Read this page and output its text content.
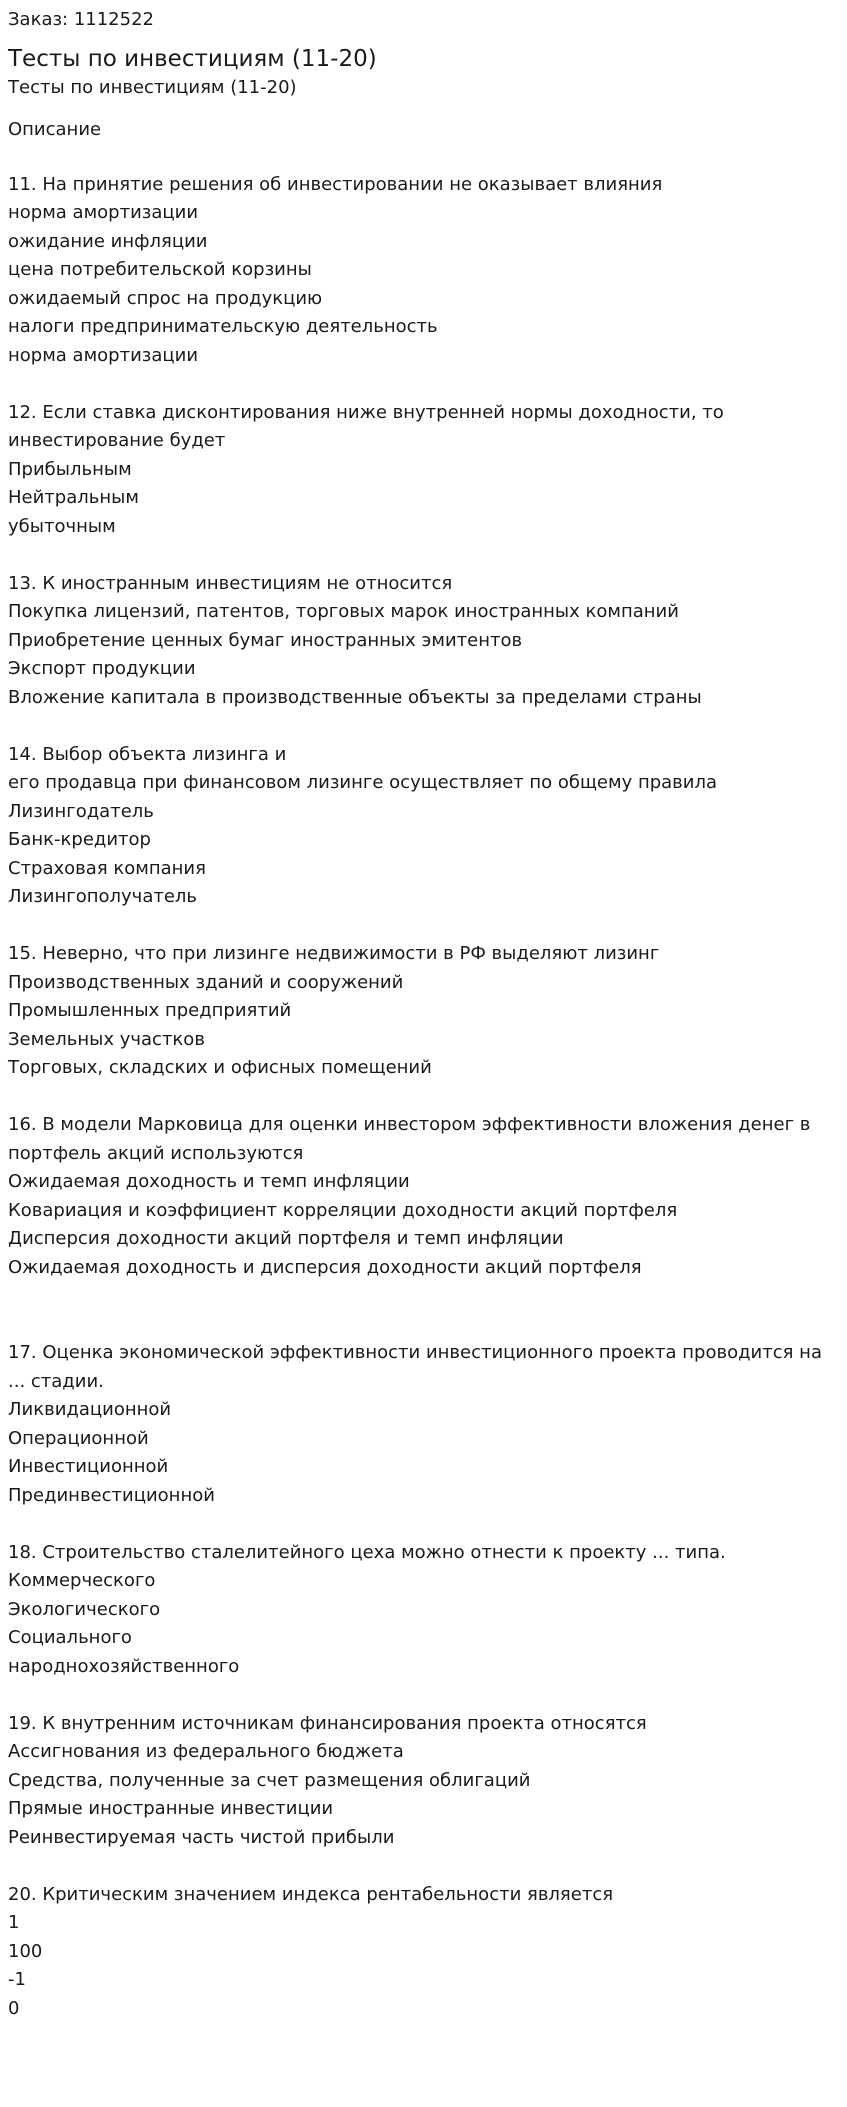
Заказ: 1112522

Тесты по инвестициям (11-20)

Тесты по инвестициям (11-20)

Описание

11. На принятие решения об инвестировании не оказывает влияния
норма амортизации
ожидание инфляции
цена потребительской корзины
ожидаемый спрос на продукцию
налоги предпринимательскую деятельность
норма амортизации
12. Если ставка дисконтирования ниже внутренней нормы доходности, то инвестирование будет
Прибыльным
Нейтральным
убыточным
13. К иностранным инвестициям не относится
Покупка лицензий, патентов, торговых марок иностранных компаний
Приобретение ценных бумаг иностранных эмитентов
Экспорт продукции
Вложение капитала в производственные объекты за пределами страны
14. Выбор объекта лизинга и
его продавца при финансовом лизинге осуществляет по общему правила
Лизингодатель
Банк-кредитор
Страховая компания
Лизингополучатель
15. Неверно, что при лизинге недвижимости в РФ выделяют лизинг
Производственных зданий и сооружений
Промышленных предприятий
Земельных участков
Торговых, складских и офисных помещений
16. В модели Марковица для оценки инвестором эффективности вложения денег в портфель акций используются
Ожидаемая доходность и темп инфляции
Ковариация и коэффициент корреляции доходности акций портфеля
Дисперсия доходности акций портфеля и темп инфляции
Ожидаемая доходность и дисперсия доходности акций портфеля
17. Оценка экономической эффективности инвестиционного проекта проводится на ... стадии.
Ликвидационной
Операционной
Инвестиционной
Прединвестиционной
18. Строительство сталелитейного цеха можно отнести к проекту ... типа.
Коммерческого
Экологического
Социального
народнохозяйственного
19. К внутренним источникам финансирования проекта относятся
Ассигнования из федерального бюджета
Средства, полученные за счет размещения облигаций
Прямые иностранные инвестиции
Реинвестируемая часть чистой прибыли
20. Критическим значением индекса рентабельности является
1
100
-1
0
